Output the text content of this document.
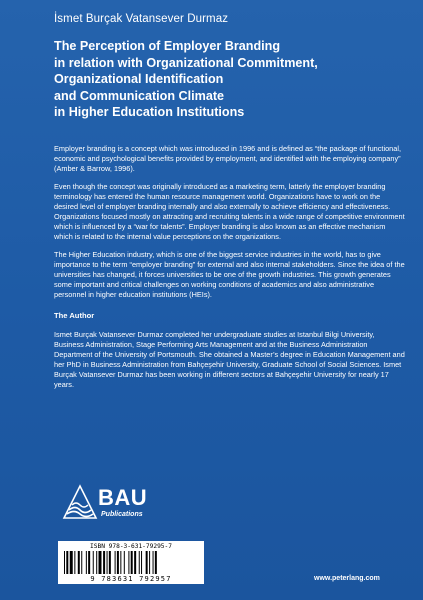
İsmet Burçak Vatansever Durmaz
The Perception of Employer Branding
in relation with Organizational Commitment,
Organizational Identification
and Communication Climate
in Higher Education Institutions

Employer branding is a concept which was introduced in 1996 and is defined as “the package of functional, economic and psychological benefits provided by employment, and identified with the employing company” (Amber & Barrow, 1996).

Even though the concept was originally introduced as a marketing term, latterly the employer branding terminology has entered the human resource management world. Organizations have to work on the desired level of employer branding internally and also externally to achieve efficiency and effectiveness. Organizations focused mostly on attracting and recruiting talents in a wide range of competitive environment which is influenced by a “war for talents”. Employer branding is also known as an effective mechanism which is related to the internal value perceptions on the organizations.

The Higher Education industry, which is one of the biggest service industries in the world, has to give importance to the term “employer branding” for external and also internal stakeholders. Since the idea of the universities has changed, it forces universities to be one of the growth industries. This growth generates some important and critical challenges on working conditions of academics and also administrative personnel in higher education institutions (HEIs).

The Author

Ismet Burçak Vatansever Durmaz completed her undergraduate studies at Istanbul Bilgi University, Business Administration, Stage Performing Arts Management and at the Business Administration Department of the University of Portsmouth. She obtained a Master’s degree in Education Management and her PhD in Business Administration from Bahçeşehir University, Graduate School of Social Sciences. Ismet Burçak Vatansever Durmaz has been working in different sectors at Bahçeşehir University for nearly 17 years.

BAU
Publications
ISBN 978-3-631-79295-7
9 783631 792957	www.peterlang.com
